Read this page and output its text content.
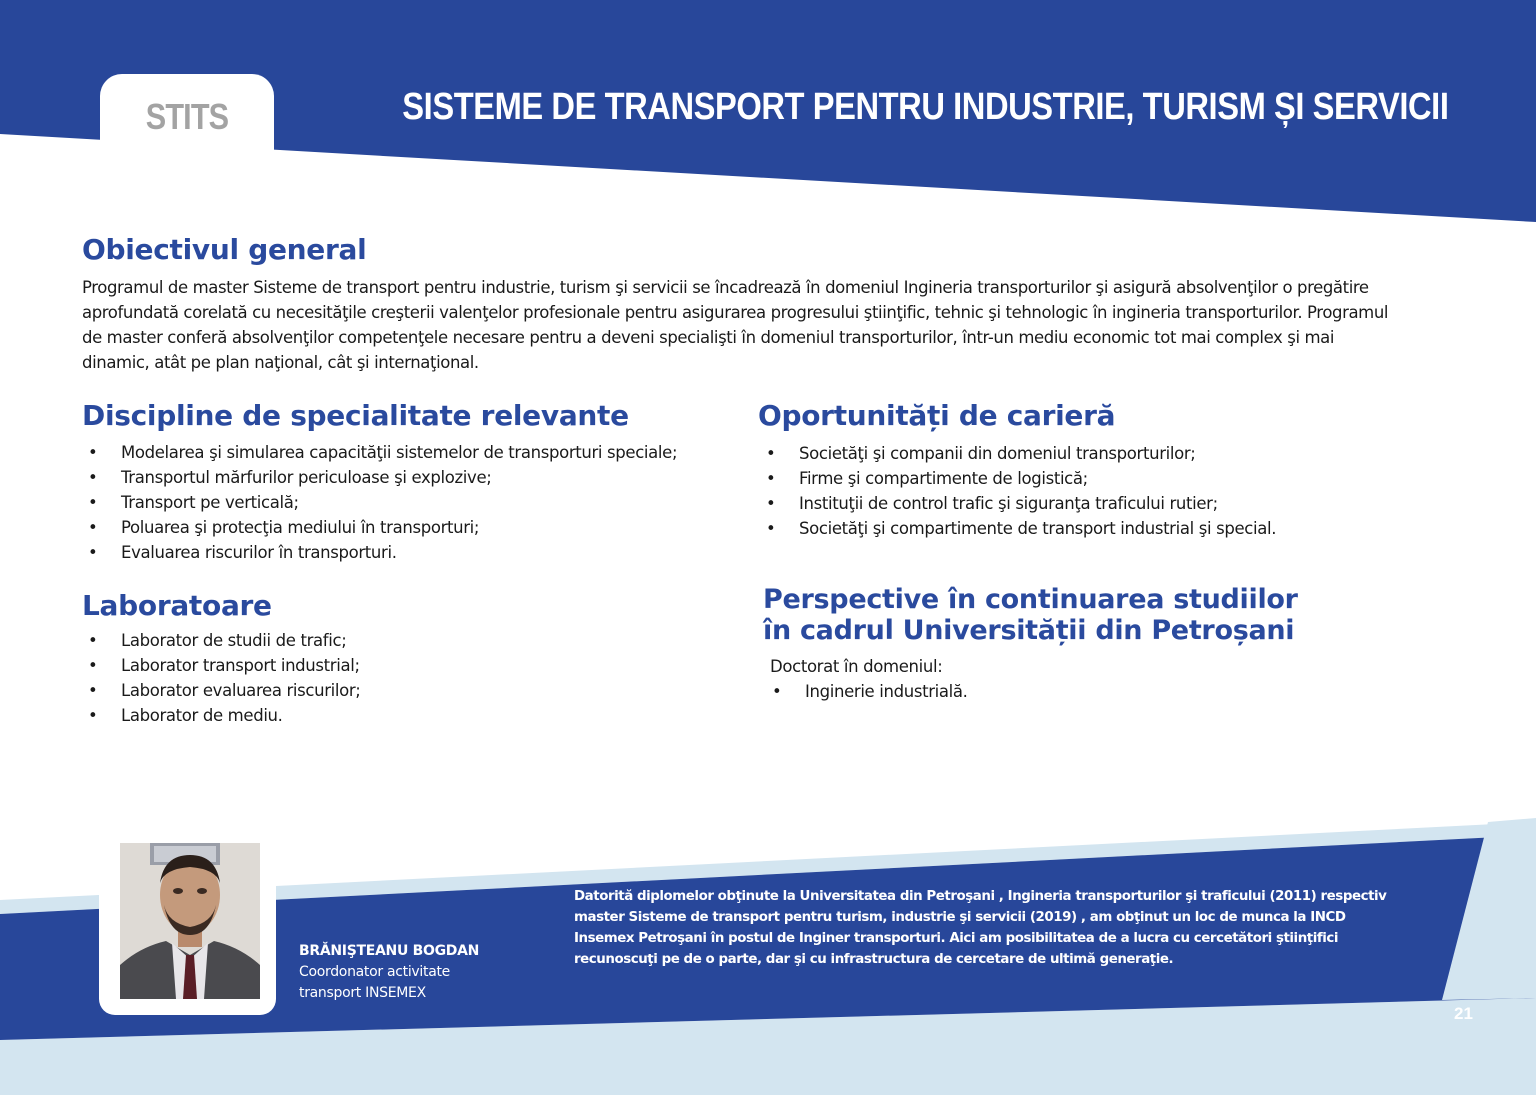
STITS	SISTEME DE TRANSPORT PENTRU INDUSTRIE, TURISM ȘI SERVICII
Obiectivul general

Programul de master Sisteme de transport pentru industrie, turism şi servicii se încadrează în domeniul Ingineria transporturilor şi asigură absolvenţilor o pregătire aprofundată corelată cu necesităţile creşterii valenţelor profesionale pentru asigurarea progresului ştiinţific, tehnic şi tehnologic în ingineria transporturilor. Programul de master conferă absolvenţilor competenţele necesare pentru a deveni specialişti în domeniul transporturilor, într-un mediu economic tot mai complex şi mai dinamic, atât pe plan naţional, cât şi internaţional.

Discipline de specialitate relevante
• Modelarea şi simularea capacităţii sistemelor de transporturi speciale;
• Transportul mărfurilor periculoase şi explozive;
• Transport pe verticală;
• Poluarea şi protecţia mediului în transporturi;
• Evaluarea riscurilor în transporturi.
Oportunități de carieră
• Societăţi şi companii din domeniul transporturilor;
• Firme şi compartimente de logistică;
• Instituţii de control trafic şi siguranţa traficului rutier;
• Societăţi şi compartimente de transport industrial şi special.
Laboratoare
• Laborator de studii de trafic;
• Laborator transport industrial;
• Laborator evaluarea riscurilor;
• Laborator de mediu.
Perspective în continuarea studiilor
în cadrul Universității din Petroșani
Doctorat în domeniul:
• Inginerie industrială.
BRĂNIŞTEANU BOGDAN
Coordonator activitate
transport INSEMEX

Datorită diplomelor obţinute la Universitatea din Petroşani , Ingineria transporturilor şi traficului (2011) respectiv master Sisteme de transport pentru turism, industrie şi servicii (2019) , am obţinut un loc de munca la INCD Insemex Petroşani în postul de Inginer transporturi. Aici am posibilitatea de a lucra cu cercetători ştiinţifici recunoscuţi pe de o parte, dar şi cu infrastructura de cercetare de ultimă generaţie.

21
